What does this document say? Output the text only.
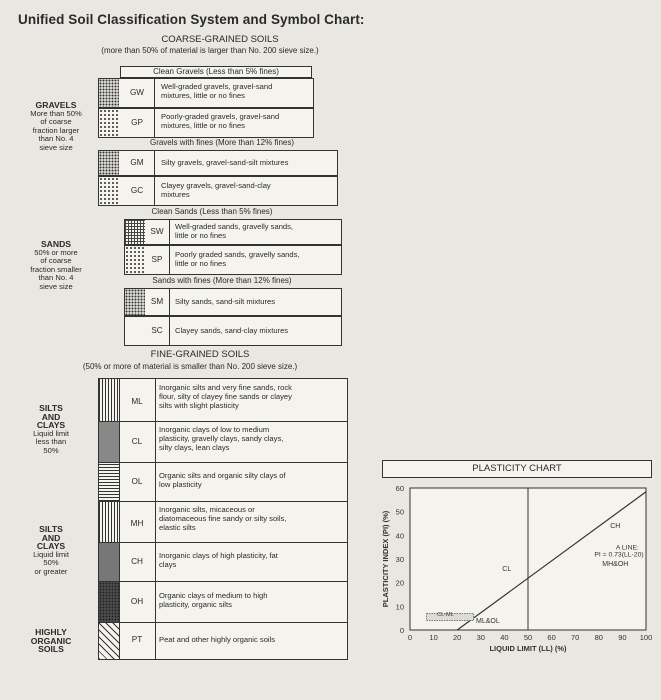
Unified Soil Classification System and Symbol Chart:
COARSE-GRAINED SOILS
(more than 50% of material is larger than No. 200 sieve size.)
GRAVELS
More than 50%
of coarse
fraction larger
than No. 4
sieve size
Clean Gravels (Less than 5% fines)
GW
Well-graded gravels, gravel-sand
mixtures, little or no fines
GP
Poorly-graded gravels, gravel-sand
mixtures, little or no fines
Gravels with fines (More than 12% fines)
GM	Silty gravels, gravel-sand-silt mixtures
GC
Clayey gravels, gravel-sand-clay
mixtures
SANDS
50% or more
of coarse
fraction smaller
than No. 4
sieve size
Clean Sands (Less than 5% fines)
SW
Well-graded sands, gravelly sands,
little or no fines
SP
Poorly graded sands, gravelly sands,
little or no fines
Sands with fines (More than 12% fines)
SM	Silty sands, sand-silt mixtures
SC	Clayey sands, sand-clay mixtures
FINE-GRAINED SOILS
(50% or more of material is smaller than No. 200 sieve size.)
SILTS
AND
CLAYS
Liquid limit
less than
50%
SILTS
AND
CLAYS
Liquid limit
50%
or greater
HIGHLY
ORGANIC
SOILS
ML
Inorganic silts and very fine sands, rock
flour, silty of clayey fine sands or clayey
silts with slight plasticity
CL
Inorganic clays of low to medium
plasticity, gravelly clays, sandy clays,
silty clays, lean clays
OL
Organic silts and organic silty clays of
low plasticity
MH
Inorganic silts, micaceous or
diatomaceous fine sandy or silty soils,
elastic silts
CH
Inorganic clays of high plasticity, fat
clays
OH
Organic clays of medium to high
plasticity, organic silts
PT	Peat and other highly organic soils
PLASTICITY CHART
0
10
20
30
40
50
60
0 10 20 30 40 50 60 70 80 90 100
LIQUID LIMIT (LL) (%)
PLASTICITY INDEX (PI) (%)	CH
CL
MH&OH
ML&OL
CL-ML
A LINE:
PI = 0.73(LL-20)
